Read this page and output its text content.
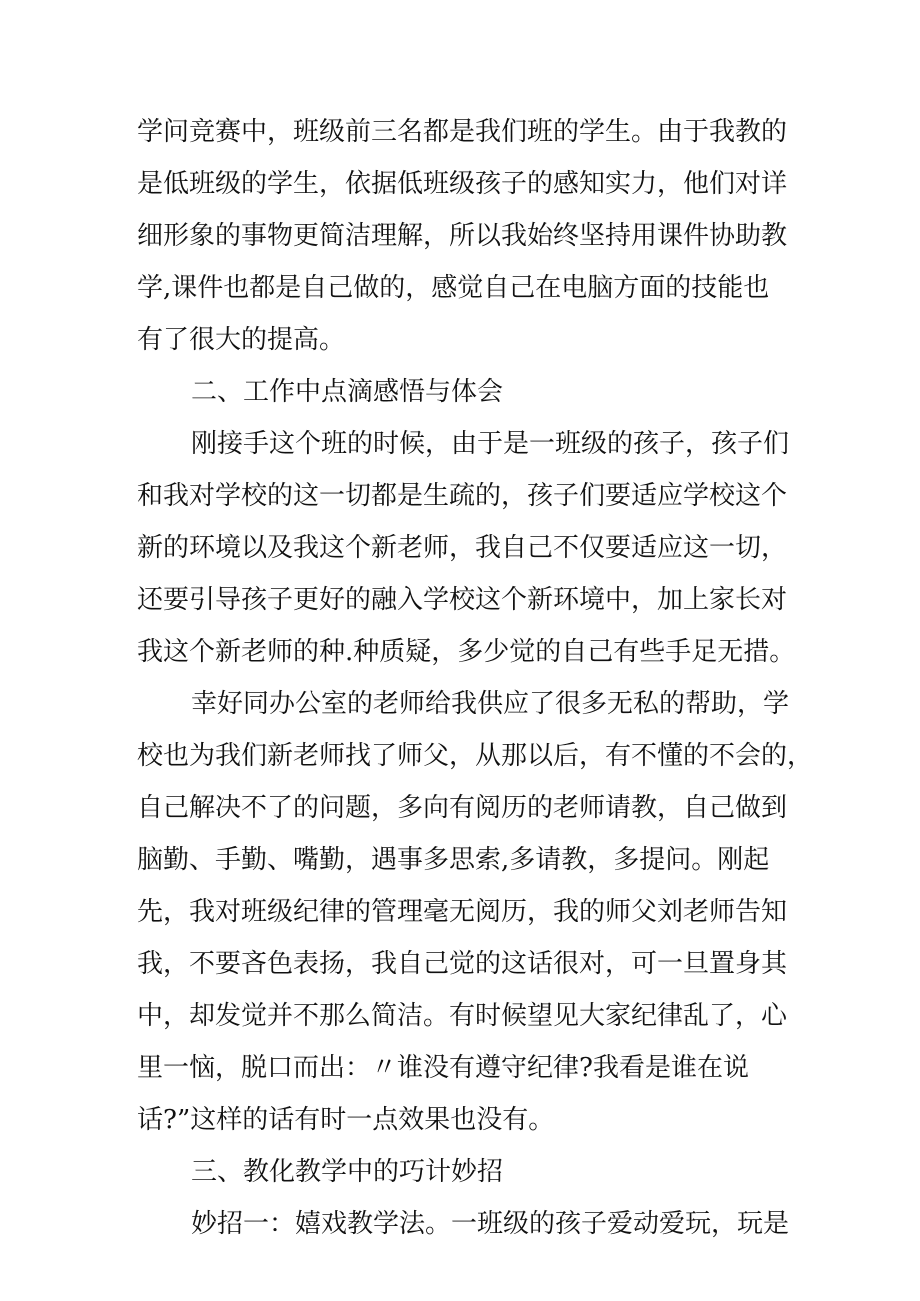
学问竞赛中，班级前三名都是我们班的学生。由于我教的
是低班级的学生，依据低班级孩子的感知实力，他们对详
细形象的事物更简洁理解，所以我始终坚持用课件协助教
学,课件也都是自己做的，感觉自己在电脑方面的技能也
有了很大的提高。
二、工作中点滴感悟与体会
刚接手这个班的时候，由于是一班级的孩子，孩子们
和我对学校的这一切都是生疏的，孩子们要适应学校这个
新的环境以及我这个新老师，我自己不仅要适应这一切，
还要引导孩子更好的融入学校这个新环境中，加上家长对
我这个新老师的种.种质疑，多少觉的自己有些手足无措。
幸好同办公室的老师给我供应了很多无私的帮助，学
校也为我们新老师找了师父，从那以后，有不懂的不会的，
自己解决不了的问题，多向有阅历的老师请教，自己做到
脑勤、手勤、嘴勤，遇事多思索,多请教，多提问。刚起
先，我对班级纪律的管理毫无阅历，我的师父刘老师告知
我，不要吝色表扬，我自己觉的这话很对，可一旦置身其
中，却发觉并不那么简洁。有时候望见大家纪律乱了，心
里一恼，脱口而出：〃谁没有遵守纪律?我看是谁在说
话?”这样的话有时一点效果也没有。
三、教化教学中的巧计妙招
妙招一：嬉戏教学法。一班级的孩子爱动爱玩，玩是
